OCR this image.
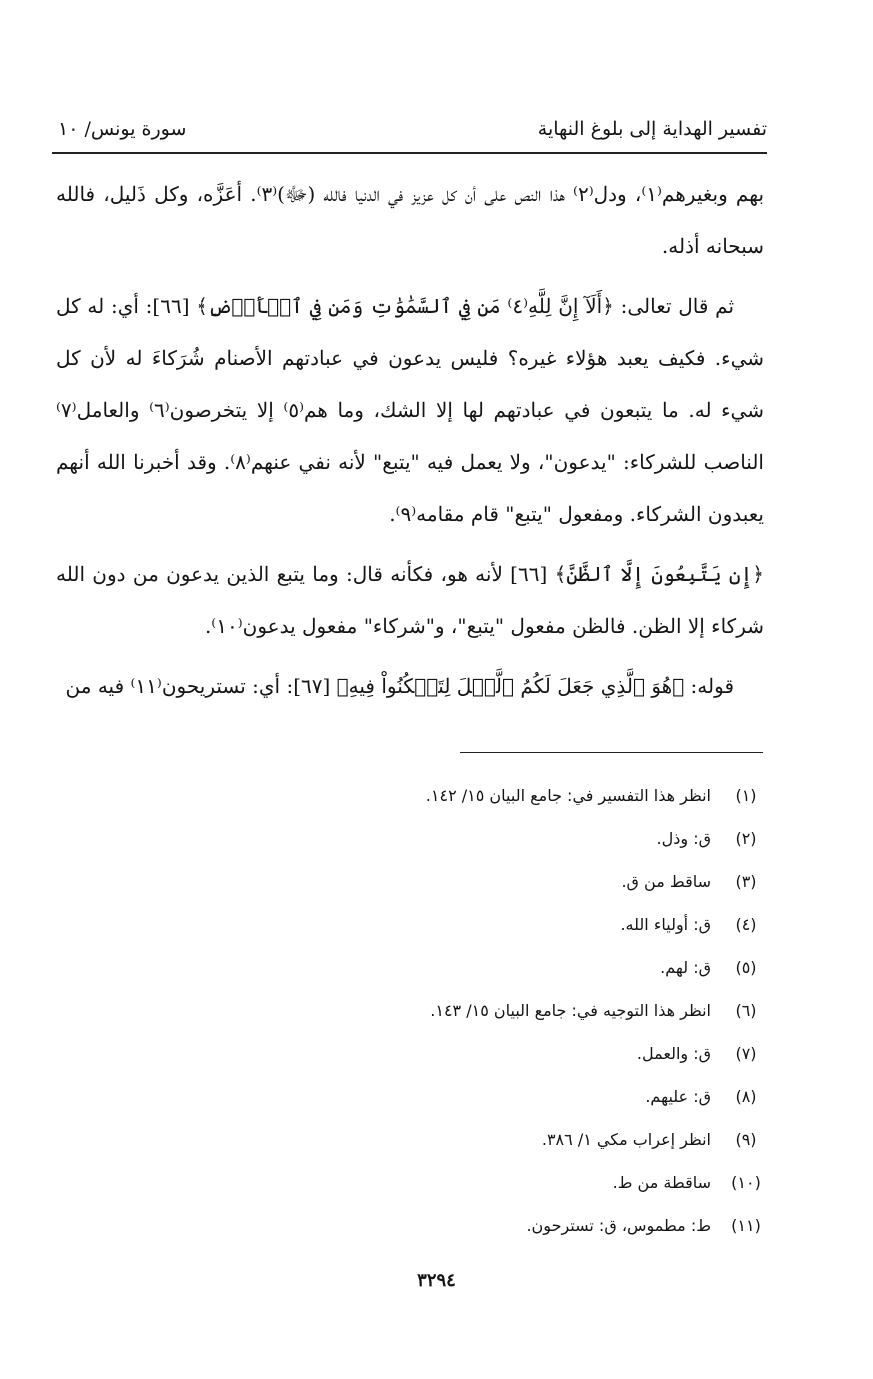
تفسير الهداية إلى بلوغ النهاية
سورة يونس/ ١٠

بهم وبغيرهم⁽١⁾، ودل⁽٢⁾ هذا النص على أن كل عزيز في الدنيا فالله (ﷻ)⁽٣⁾. أعَزَّه، وكل ذَليل، فالله سبحانه أذله.

ثم قال تعالى: ﴿أَلَآ إِنَّ لِلَّهِ⁽٤⁾ مَن فِي ٱلسَّمَٰوَٰتِ وَمَن فِي ٱلۡأَرۡضِ﴾ [٦٦]: أي: له كل شيء. فكيف يعبد هؤلاء غيره؟ فليس يدعون في عبادتهم الأصنام شُرَكاءَ له لأن كل شيء له. ما يتبعون في عبادتهم لها إلا الشك، وما هم⁽٥⁾ إلا يتخرصون⁽٦⁾ والعامل⁽٧⁾ الناصب للشركاء: "يدعون"، ولا يعمل فيه "يتبع" لأنه نفي عنهم⁽٨⁾. وقد أخبرنا الله أنهم يعبدون الشركاء. ومفعول "يتبع" قام مقامه⁽٩⁾.

﴿إِن يَتَّبِعُونَ إِلَّا ٱلظَّنَّ﴾ [٦٦] لأنه هو، فكأنه قال: وما يتبع الذين يدعون من دون الله شركاء إلا الظن. فالظن مفعول "يتبع"، و"شركاء" مفعول يدعون⁽١٠⁾.

قوله: ﴿هُوَ ٱلَّذِي جَعَلَ لَكُمُ ٱلَّيۡلَ لِتَسۡكُنُواْ فِيهِ﴾ [٦٧]: أي: تستريحون⁽١١⁾ فيه من

(١)انظر هذا التفسير في: جامع البيان ١٥/ ١٤٢.
(٢)ق: وذل.
(٣)ساقط من ق.
(٤)ق: أولياء الله.
(٥)ق: لهم.
(٦)انظر هذا التوجيه في: جامع البيان ١٥/ ١٤٣.
(٧)ق: والعمل.
(٨)ق: عليهم.
(٩)انظر إعراب مكي ١/ ٣٨٦.
(١٠)ساقطة من ط.
(١١)ط: مطموس، ق: تسترحون.
٣٢٩٤
